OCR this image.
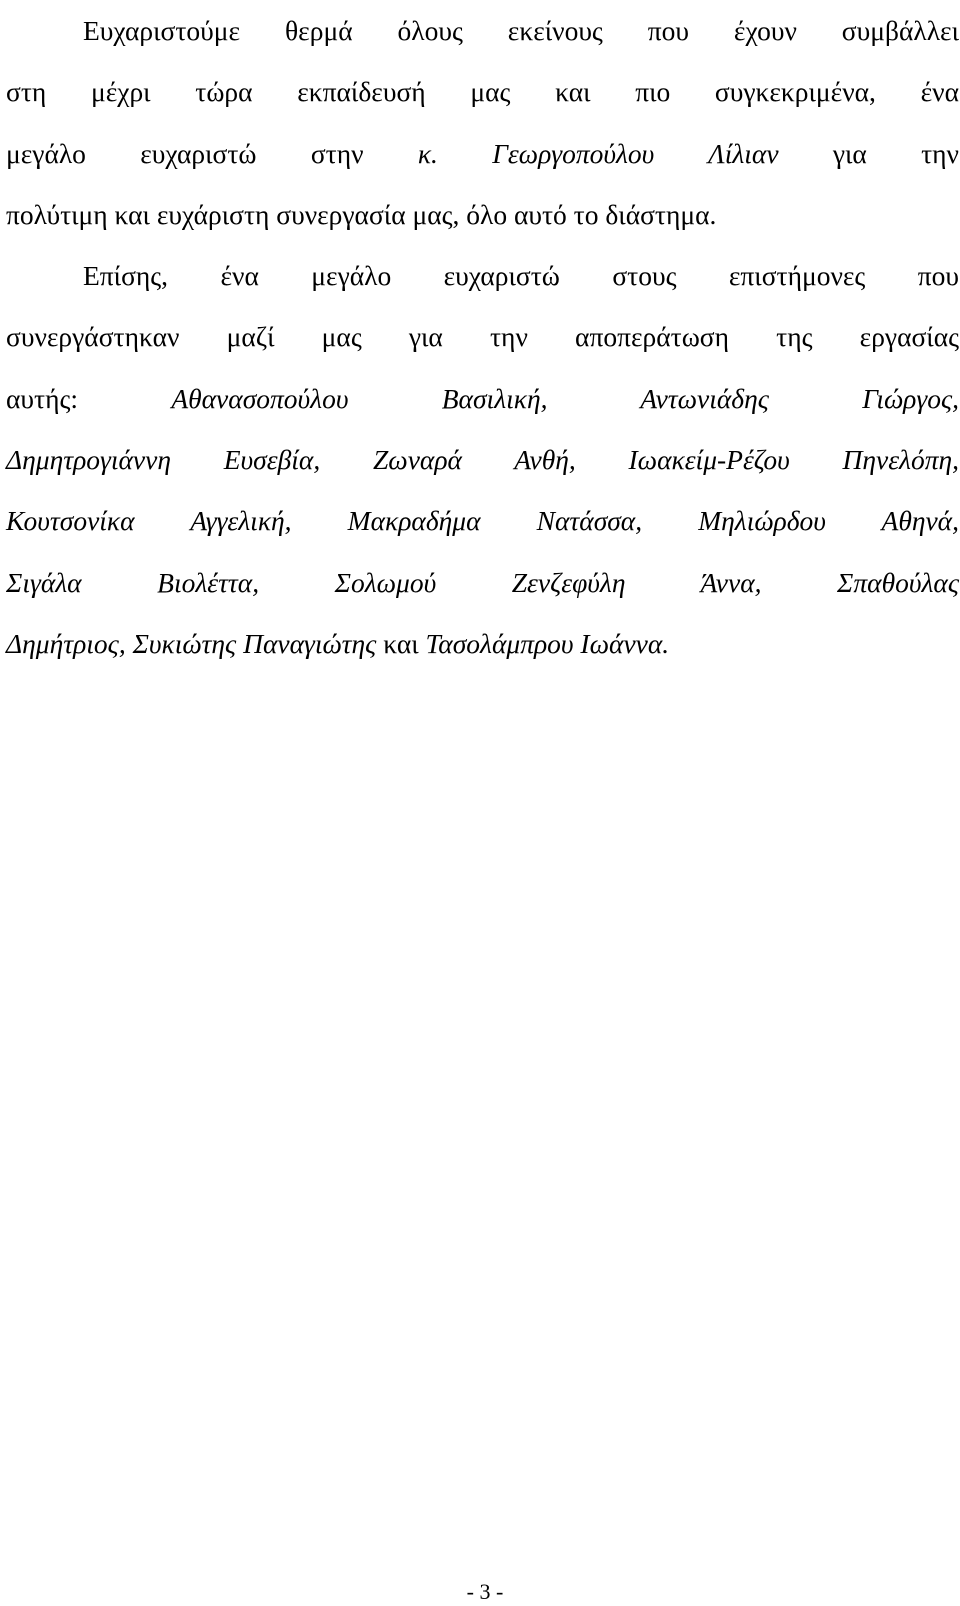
Ευχαριστούμε θερμά όλους εκείνους που έχουν συμβάλλει
στη μέχρι τώρα εκπαίδευσή μας και πιο συγκεκριμένα, ένα
μεγάλο ευχαριστώ στην κ. Γεωργοπούλου Λίλιαν για την
πολύτιμη και ευχάριστη συνεργασία μας, όλο αυτό το διάστημα.
Επίσης, ένα μεγάλο ευχαριστώ στους επιστήμονες που
συνεργάστηκαν μαζί μας για την αποπεράτωση της εργασίας
αυτής: Αθανασοπούλου Βασιλική, Αντωνιάδης Γιώργος,
Δημητρογιάννη Ευσεβία, Ζωναρά Ανθή, Ιωακείμ-Ρέζου Πηνελόπη,
Κουτσονίκα Αγγελική, Μακραδήμα Νατάσσα, Μηλιώρδου Αθηνά,
Σιγάλα Βιολέττα, Σολωμού Ζενζεφύλη Άννα, Σπαθούλας
Δημήτριος, Συκιώτης Παναγιώτης και Τασολάμπρου Ιωάννα.
- 3 -
